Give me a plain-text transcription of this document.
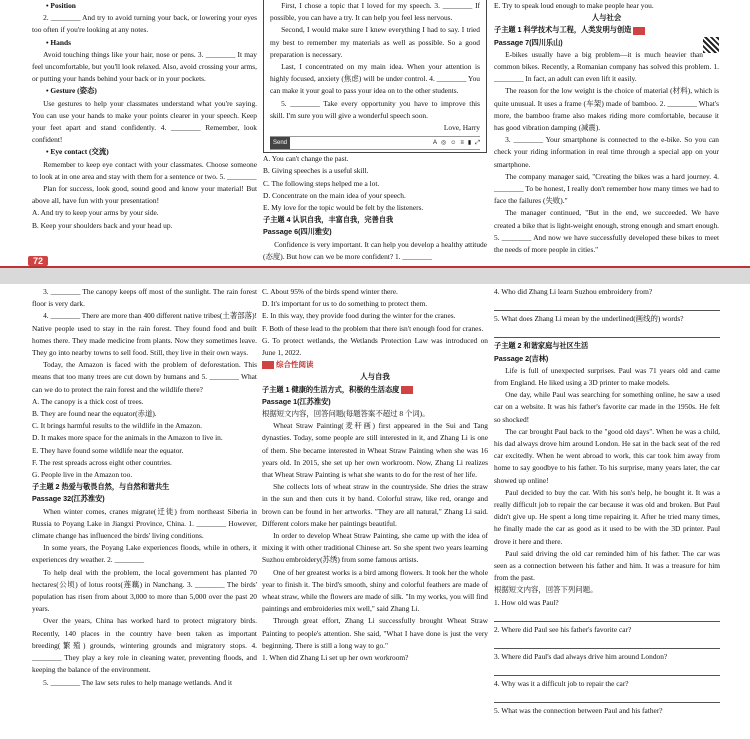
• Position

2. ________ And try to avoid turning your back, or lowering your eyes too often if you're looking at any notes.

• Hands

Avoid touching things like your hair, nose or pens. 3. ________ It may feel uncomfortable, but you'll look relaxed. Also, avoid crossing your arms, or putting your hands behind your back or in your pockets.

• Gesture (姿态)

Use gestures to help your classmates understand what you're saying. You can use your hands to make your points clearer in your speech. Keep your feet apart and stand confidently. 4. ________ Remember, look confident!

• Eye contact (交流)

Remember to keep eye contact with your classmates. Choose someone to look at in one area and stay with them for a sentence or two. 5. ________

Plan for success, look good, sound good and know your material! But above all, have fun with your presentation!

A. And try to keep your arms by your side.

B. Keep your shoulders back and your head up.

First, I chose a topic that I loved for my speech. 3. ________ If possible, you can have a try. It can help you feel less nervous.

Second, I would make sure I knew everything I had to say. I tried my best to remember my materials as well as possible. So a good preparation is necessary.

Last, I concentrated on my main idea. When your attention is highly focused, anxiety (焦虑) will be under control. 4. ________ You can make it your goal to pass your idea on to the other students.

5. ________ Take every opportunity you have to improve this skill. I'm sure you will give a wonderful speech soon.

Love, Harry

Send	A ◎ ☺ ≡ ▮ ⤢

A. You can't change the past.

B. Giving speeches is a useful skill.

C. The following steps helped me a lot.

D. Concentrate on the main idea of your speech.

E. My love for the topic would be felt by the listeners.

子主题 4 认识自我，丰富自我，完善自我

Passage 6(四川雅安)

Confidence is very important. It can help you develop a healthy attitude (态度). But how can we be more confident? 1. ________

E. Try to speak loud enough to make people hear you.

人与社会

子主题 1 科学技术与工程，人类发明与创造

Passage 7(四川乐山)

E-bikes usually have a big problem—it is much heavier than common bikes. Recently, a Romanian company has solved this problem. 1. ________ In fact, an adult can even lift it easily.

The reason for the low weight is the choice of material (材料), which is quite unusual. It uses a frame (车架) made of bamboo. 2. ________ What's more, the bamboo frame also makes riding more comfortable, because it has good vibration damping (减震).

3. ________ Your smartphone is connected to the e-bike. So you can check your riding information in real time through a special app on your smartphone.

The company manager said, "Creating the bikes was a hard journey. 4. ________ To be honest, I really don't remember how many times we had to face the failures (失败)."

The manager continued, "But in the end, we succeeded. We have created a bike that is light-weight enough, strong enough and smart enough. 5. ________ And now we have successfully developed these bikes to meet the needs of more people in cities."

72

3. ________ The canopy keeps off most of the sunlight. The rain forest floor is very dark.

4. ________ There are more than 400 different native tribes(土著部落)! Native people used to stay in the rain forest. They found food and built homes there. They made medicine from plants. Now they sometimes leave. They go into nearby towns to sell food. Still, they live in their own ways.

Today, the Amazon is faced with the problem of deforestation. This means that too many trees are cut down by humans and 5. ________ What can we do to protect the rain forest and the wildlife there?

A. The canopy is a thick cost of trees.

B. They are found near the equator(赤道).

C. It brings harmful results to the wildlife in the Amazon.

D. It makes more space for the animals in the Amazon to live in.

E. They have found some wildlife near the equator.

F. The rest spreads across eight other countries.

G. People live in the Amazon too.

子主题 2 热爱与敬畏自然，与自然和谐共生

Passage 32(江苏淮安)

When winter comes, cranes migrate(迁徙) from northeast Siberia in Russia to Poyang Lake in Jiangxi Province, China. 1. ________ However, climate change has influenced the birds' living conditions.

In some years, the Poyang Lake experiences floods, while in others, it experiences dry weather. 2. ________

To help deal with the problem, the local government has planted 70 hectares(公顷) of lotus roots(莲藕) in Nanchang. 3. ________ The birds' population has risen from about 3,000 to more than 5,000 over the past 20 years.

Over the years, China has worked hard to protect migratory birds. Recently, 140 places in the country have been taken as important breeding(繁殖) grounds, wintering grounds and migratory stops. 4. ________ They play a key role in cleaning water, preventing floods, and keeping the balance of the environment.

5. ________ The law sets rules to help manage wetlands. And it

C. About 95% of the birds spend winter there.

D. It's important for us to do something to protect them.

E. In this way, they provide food during the winter for the cranes.

F. Both of these lead to the problem that there isn't enough food for cranes.

G. To protect wetlands, the Wetlands Protection Law was introduced on June 1, 2022.

综合性阅读

人与自我

子主题 1 健康的生活方式，积极的生活态度

Passage 1(江苏淮安)

根据短文内容，回答问题(每题答案不超过 8 个词)。

Wheat Straw Painting(麦秆画) first appeared in the Sui and Tang dynasties. Today, some people are still interested in it, and Zhang Li is one of them. She became interested in Wheat Straw Painting when she was 16 years old. In 2015, she set up her own workroom. Now, Zhang Li realizes that Wheat Straw Painting is what she wants to do for the rest of her life.

She collects lots of wheat straw in the countryside. She dries the straw in the sun and then cuts it by hand. Colorful straw, like red, orange and brown can be found in her artworks. "They are all natural," Zhang Li said. Different colors make her paintings beautiful.

In order to develop Wheat Straw Painting, she came up with the idea of mixing it with other traditional Chinese art. So she spent two years learning Suzhou embroidery(苏绣) from some famous artists.

One of her greatest works is a bird among flowers. It took her the whole year to finish it. The bird's smooth, shiny and colorful feathers are made of wheat straw, while the flowers are made of silk. "In my works, you will find paintings and embroideries mix well," said Zhang Li.

Through great effort, Zhang Li successfully brought Wheat Straw Painting to people's attention. She said, "What I have done is just the very beginning. There is still a long way to go."

1. When did Zhang Li set up her own workroom?

4. Who did Zhang Li learn Suzhou embroidery from?

5. What does Zhang Li mean by the underlined(画线的) words?

子主题 2 和谐家庭与社区生活

Passage 2(吉林)

Life is full of unexpected surprises. Paul was 71 years old and came from England. He liked using a 3D printer to make models.

One day, while Paul was searching for something online, he saw a used car on a website. It was his father's favorite car made in the 1950s. He felt so shocked!

The car brought Paul back to the "good old days". When he was a child, his dad always drove him around London. He sat in the back seat of the red car excitedly. When he went abroad to work, this car took him away from home to say goodbye to his father. To his surprise, many years later, the car showed up online!

Paul decided to buy the car. With his son's help, he bought it. It was a really difficult job to repair the car because it was old and broken. But Paul didn't give up. He spent a long time repairing it. After he tried many times, he finally made the car as good as it used to be with the 3D printer. Paul drove it here and there.

Paul said driving the old car reminded him of his father. The car was seen as a connection between his father and him. It was a treasure for him from the past.

根据短文内容，回答下列问题。

1. How old was Paul?

2. Where did Paul see his father's favorite car?

3. Where did Paul's dad always drive him around London?

4. Why was it a difficult job to repair the car?

5. What was the connection between Paul and his father?
